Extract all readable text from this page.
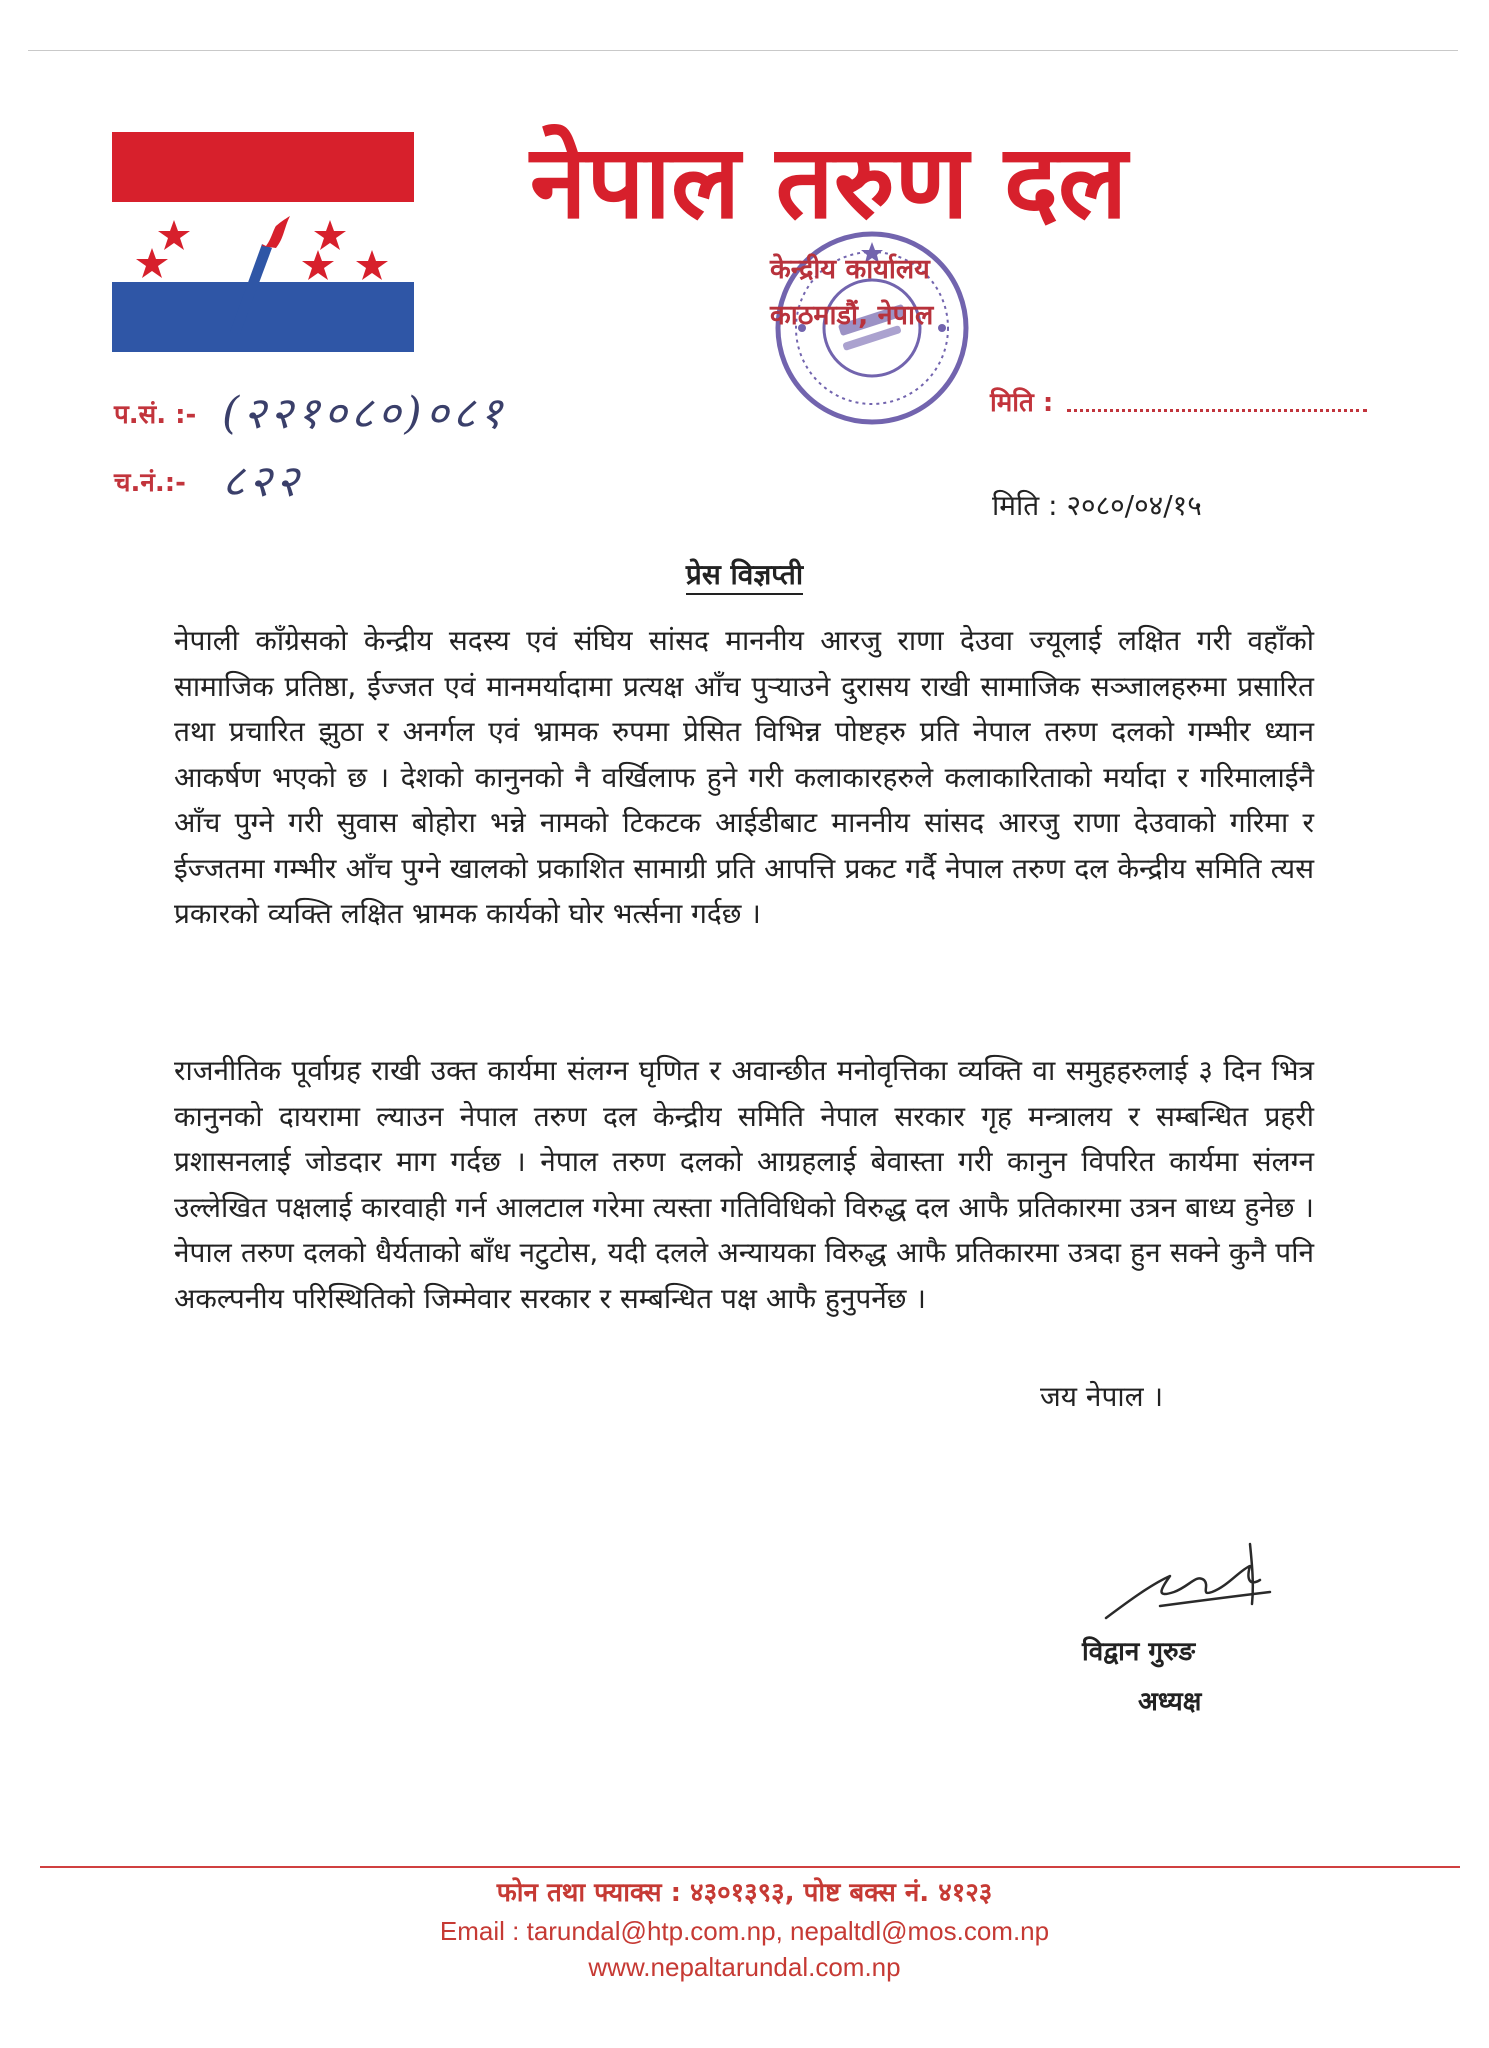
नेपाल तरुण दल
केन्द्रीय कार्यालय
काठमाडौं, नेपाल
प.सं. :- (२२१०८०)०८१
च.नं.:- ८२२
मिति :
मिति : २०८०/०४/१५
प्रेस विज्ञप्ती
नेपाली काँग्रेसको केन्द्रीय सदस्य एवं संघिय सांसद माननीय आरजु राणा देउवा ज्यूलाई लक्षित गरी वहाँको सामाजिक प्रतिष्ठा, ईज्जत एवं मानमर्यादामा प्रत्यक्ष आँच पुऱ्याउने दुरासय राखी सामाजिक सञ्जालहरुमा प्रसारित तथा प्रचारित झुठा र अनर्गल एवं भ्रामक रुपमा प्रेसित विभिन्न पोष्टहरु प्रति नेपाल तरुण दलको गम्भीर ध्यान आकर्षण भएको छ । देशको कानुनको नै वर्खिलाफ हुने गरी कलाकारहरुले कलाकारिताको मर्यादा र गरिमालाईनै आँच पुग्ने गरी सुवास बोहोरा भन्ने नामको टिकटक आईडीबाट माननीय सांसद आरजु राणा देउवाको गरिमा र ईज्जतमा गम्भीर आँच पुग्ने खालको प्रकाशित सामाग्री प्रति आपत्ति प्रकट गर्दै नेपाल तरुण दल केन्द्रीय समिति त्यस प्रकारको व्यक्ति लक्षित भ्रामक कार्यको घोर भर्त्सना गर्दछ ।
राजनीतिक पूर्वाग्रह राखी उक्त कार्यमा संलग्न घृणित र अवान्छीत मनोवृत्तिका व्यक्ति वा समुहहरुलाई ३ दिन भित्र कानुनको दायरामा ल्याउन नेपाल तरुण दल केन्द्रीय समिति नेपाल सरकार गृह मन्त्रालय र सम्बन्धित प्रहरी प्रशासनलाई जोडदार माग गर्दछ । नेपाल तरुण दलको आग्रहलाई बेवास्ता गरी कानुन विपरित कार्यमा संलग्न उल्लेखित पक्षलाई कारवाही गर्न आलटाल गरेमा त्यस्ता गतिविधिको विरुद्ध दल आफै प्रतिकारमा उत्रन बाध्य हुनेछ । नेपाल तरुण दलको धैर्यताको बाँध नटुटोस, यदी दलले अन्यायका विरुद्ध आफै प्रतिकारमा उत्रदा हुन सक्ने कुनै पनि अकल्पनीय परिस्थितिको जिम्मेवार सरकार र सम्बन्धित पक्ष आफै हुनुपर्नेछ ।
जय नेपाल ।
विद्वान गुरुङ
अध्यक्ष
फोन तथा फ्याक्स : ४३०१३९३, पोष्ट बक्स नं. ४१२३
Email : tarundal@htp.com.np, nepaltdl@mos.com.np
www.nepaltarundal.com.np
